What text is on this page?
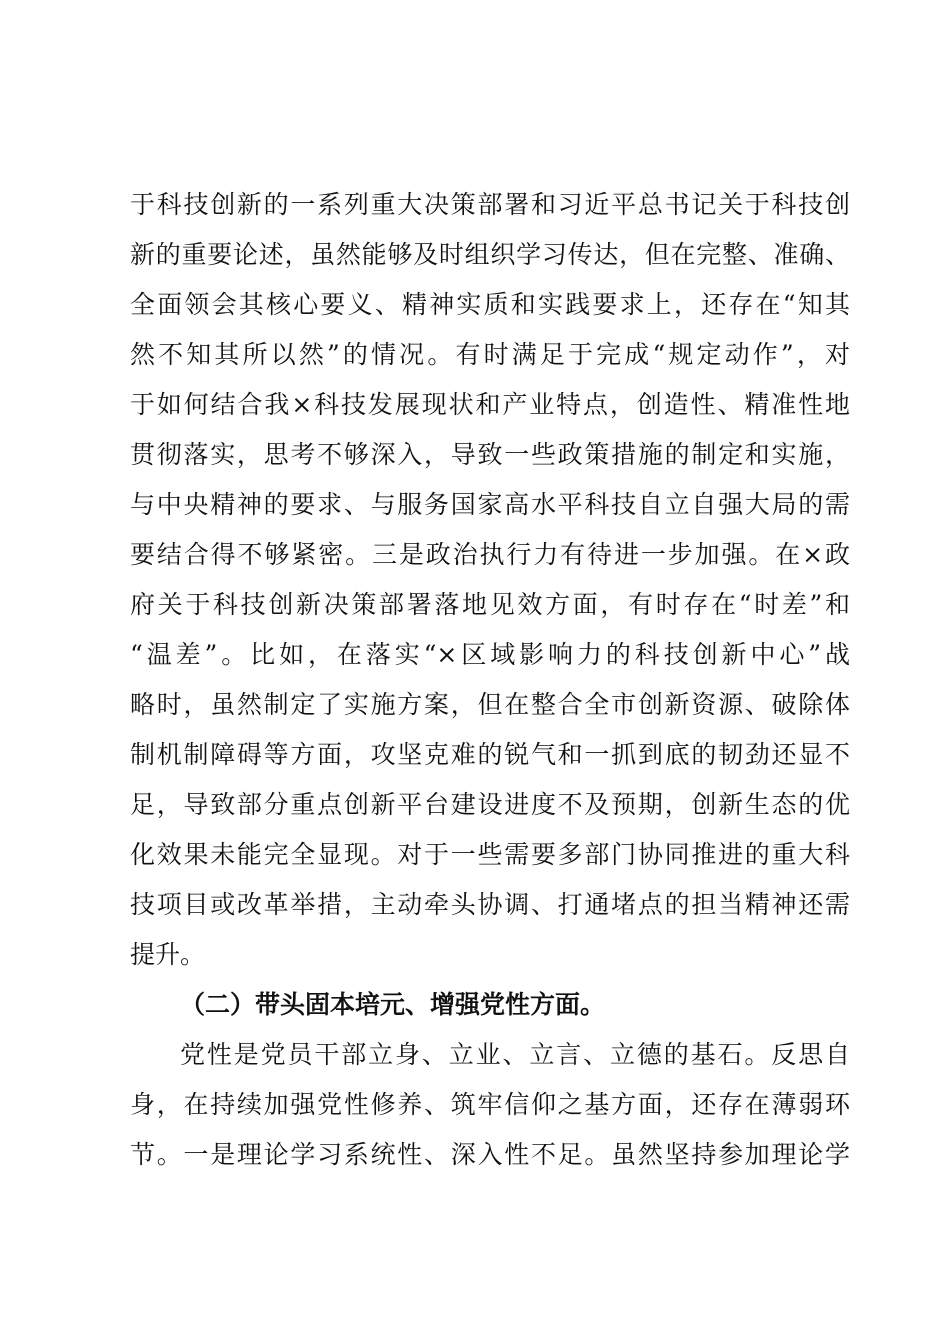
于科技创新的一系列重大决策部署和习近平总书记关于科技创
新的重要论述，虽然能够及时组织学习传达，但在完整、准确、
全面领会其核心要义、精神实质和实践要求上，还存在“知其
然不知其所以然”的情况。有时满足于完成“规定动作”，对
于如何结合我×科技发展现状和产业特点，创造性、精准性地
贯彻落实，思考不够深入，导致一些政策措施的制定和实施，
与中央精神的要求、与服务国家高水平科技自立自强大局的需
要结合得不够紧密。三是政治执行力有待进一步加强。在×政
府关于科技创新决策部署落地见效方面，有时存在“时差”和
“温差”。比如，在落实“×区域影响力的科技创新中心”战
略时，虽然制定了实施方案，但在整合全市创新资源、破除体
制机制障碍等方面，攻坚克难的锐气和一抓到底的韧劲还显不
足，导致部分重点创新平台建设进度不及预期，创新生态的优
化效果未能完全显现。对于一些需要多部门协同推进的重大科
技项目或改革举措，主动牵头协调、打通堵点的担当精神还需
提升。
（二）带头固本培元、增强党性方面。
党性是党员干部立身、立业、立言、立德的基石。反思自
身，在持续加强党性修养、筑牢信仰之基方面，还存在薄弱环
节。一是理论学习系统性、深入性不足。虽然坚持参加理论学
